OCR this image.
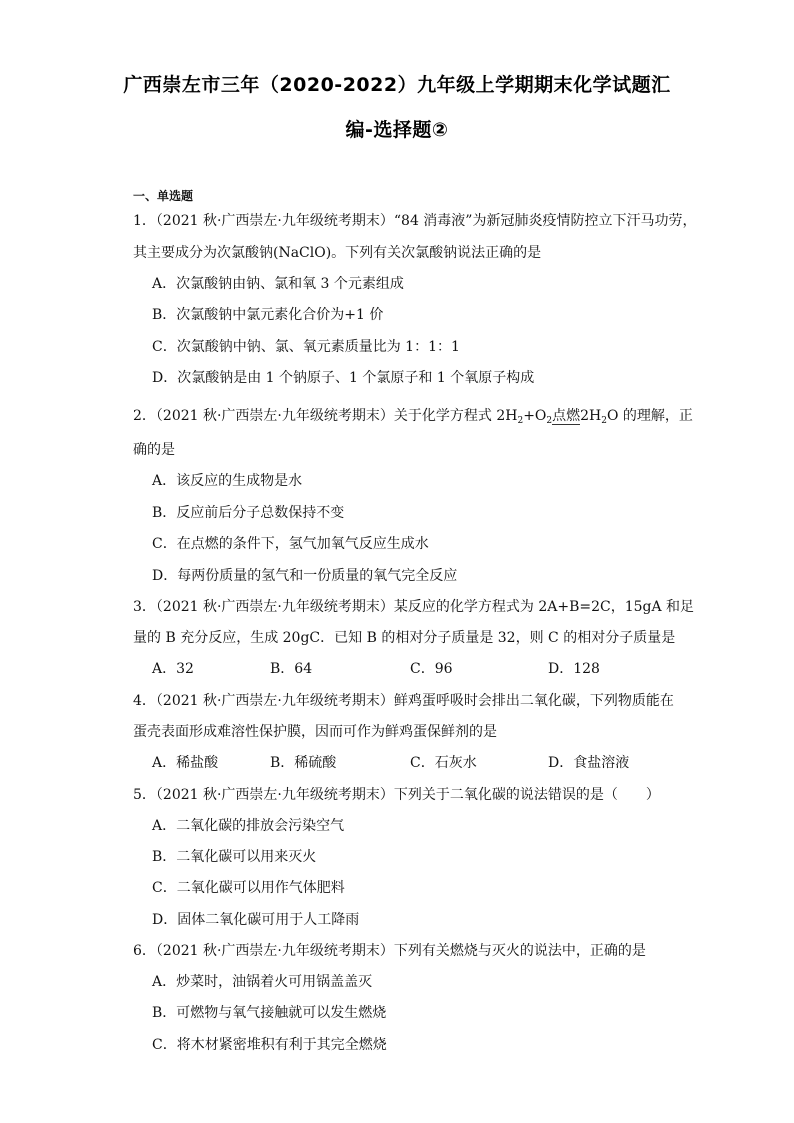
广西崇左市三年（2020-2022）九年级上学期期末化学试题汇
编-选择题②
一、单选题
1．（2021 秋·广西崇左·九年级统考期末）“84 消毒液”为新冠肺炎疫情防控立下汗马功劳，
其主要成分为次氯酸钠(NaClO)。下列有关次氯酸钠说法正确的是
A．次氯酸钠由钠、氯和氧 3 个元素组成
B．次氯酸钠中氯元素化合价为+1 价
C．次氯酸钠中钠、氯、氧元素质量比为 1：1：1
D．次氯酸钠是由 1 个钠原子、1 个氯原子和 1 个氧原子构成
2．（2021 秋·广西崇左·九年级统考期末）关于化学方程式 $2H_2+O_2$点燃$2H_2O$ 的理解，正
确的是
A．该反应的生成物是水
B．反应前后分子总数保持不变
C．在点燃的条件下，氢气加氧气反应生成水
D．每两份质量的氢气和一份质量的氧气完全反应
3．（2021 秋·广西崇左·九年级统考期末）某反应的化学方程式为 2A+B=2C，15gA 和足
量的 B 充分反应，生成 20gC．已知 B 的相对分子质量是 32，则 C 的相对分子质量是
A．32	B．64	C．96	D．128
4．（2021 秋·广西崇左·九年级统考期末）鲜鸡蛋呼吸时会排出二氧化碳，下列物质能在
蛋壳表面形成难溶性保护膜，因而可作为鲜鸡蛋保鲜剂的是
A．稀盐酸	B．稀硫酸	C．石灰水	D．食盐溶液
5．（2021 秋·广西崇左·九年级统考期末）下列关于二氧化碳的说法错误的是（　　）
A．二氧化碳的排放会污染空气
B．二氧化碳可以用来灭火
C．二氧化碳可以用作气体肥料
D．固体二氧化碳可用于人工降雨
6．（2021 秋·广西崇左·九年级统考期末）下列有关燃烧与灭火的说法中，正确的是
A．炒菜时，油锅着火可用锅盖盖灭
B．可燃物与氧气接触就可以发生燃烧
C．将木材紧密堆积有利于其完全燃烧
